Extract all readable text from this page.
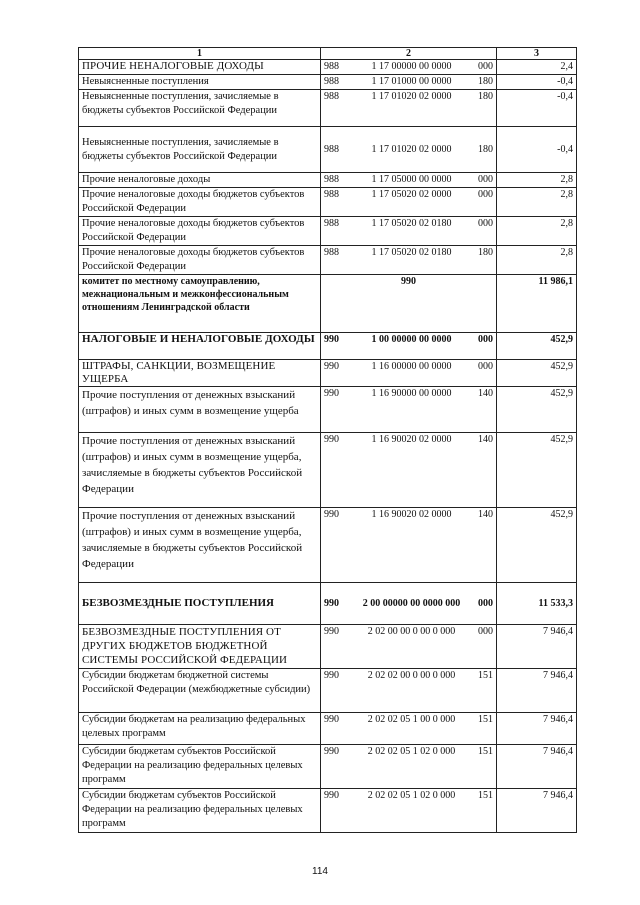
1	2	3
ПРОЧИЕ НЕНАЛОГОВЫЕ ДОХОДЫ	988 1 17 00000 00 0000 000	2,4
Невыясненные поступления	988 1 17 01000 00 0000 180	-0,4
Невыясненные поступления, зачисляемые в бюджеты субъектов Российской Федерации	988 1 17 01020 02 0000 180	-0,4
Невыясненные поступления, зачисляемые в бюджеты субъектов Российской Федерации	988 1 17 01020 02 0000 180	-0,4
Прочие неналоговые доходы	988 1 17 05000 00 0000 000	2,8
Прочие неналоговые доходы бюджетов субъектов Российской Федерации	988 1 17 05020 02 0000 000	2,8
Прочие неналоговые доходы бюджетов субъектов Российской Федерации	988 1 17 05020 02 0180 000	2,8
Прочие неналоговые доходы бюджетов субъектов Российской Федерации	988 1 17 05020 02 0180 180	2,8
комитет по местному самоуправлению, межнациональным и межконфессиональным отношениям Ленинградской области	990	11 986,1
НАЛОГОВЫЕ И НЕНАЛОГОВЫЕ ДОХОДЫ	990 1 00 00000 00 0000 000	452,9
ШТРАФЫ, САНКЦИИ, ВОЗМЕЩЕНИЕ УЩЕРБА	990 1 16 00000 00 0000 000	452,9
Прочие поступления от денежных взысканий (штрафов) и иных сумм в возмещение ущерба	990 1 16 90000 00 0000 140	452,9
Прочие поступления от денежных взысканий (штрафов) и иных сумм в возмещение ущерба, зачисляемые в бюджеты субъектов Российской Федерации	990 1 16 90020 02 0000 140	452,9
Прочие поступления от денежных взысканий (штрафов) и иных сумм в возмещение ущерба, зачисляемые в бюджеты субъектов Российской Федерации	990 1 16 90020 02 0000 140	452,9
БЕЗВОЗМЕЗДНЫЕ ПОСТУПЛЕНИЯ	990 2 00 00000 00 0000 000 000	11 533,3
БЕЗВОЗМЕЗДНЫЕ ПОСТУПЛЕНИЯ ОТ ДРУГИХ БЮДЖЕТОВ БЮДЖЕТНОЙ СИСТЕМЫ РОССИЙСКОЙ ФЕДЕРАЦИИ	990 2 02 00 00 0 00 0 000 000	7 946,4
Субсидии бюджетам бюджетной системы Российской Федерации (межбюджетные субсидии)	990 2 02 02 00 0 00 0 000 151	7 946,4
Субсидии бюджетам на реализацию федеральных целевых программ	990 2 02 02 05 1 00 0 000 151	7 946,4
Субсидии бюджетам субъектов Российской Федерации на реализацию федеральных целевых программ	990 2 02 02 05 1 02 0 000 151	7 946,4
Субсидии бюджетам субъектов Российской Федерации на реализацию федеральных целевых программ	990 2 02 02 05 1 02 0 000 151	7 946,4
114
